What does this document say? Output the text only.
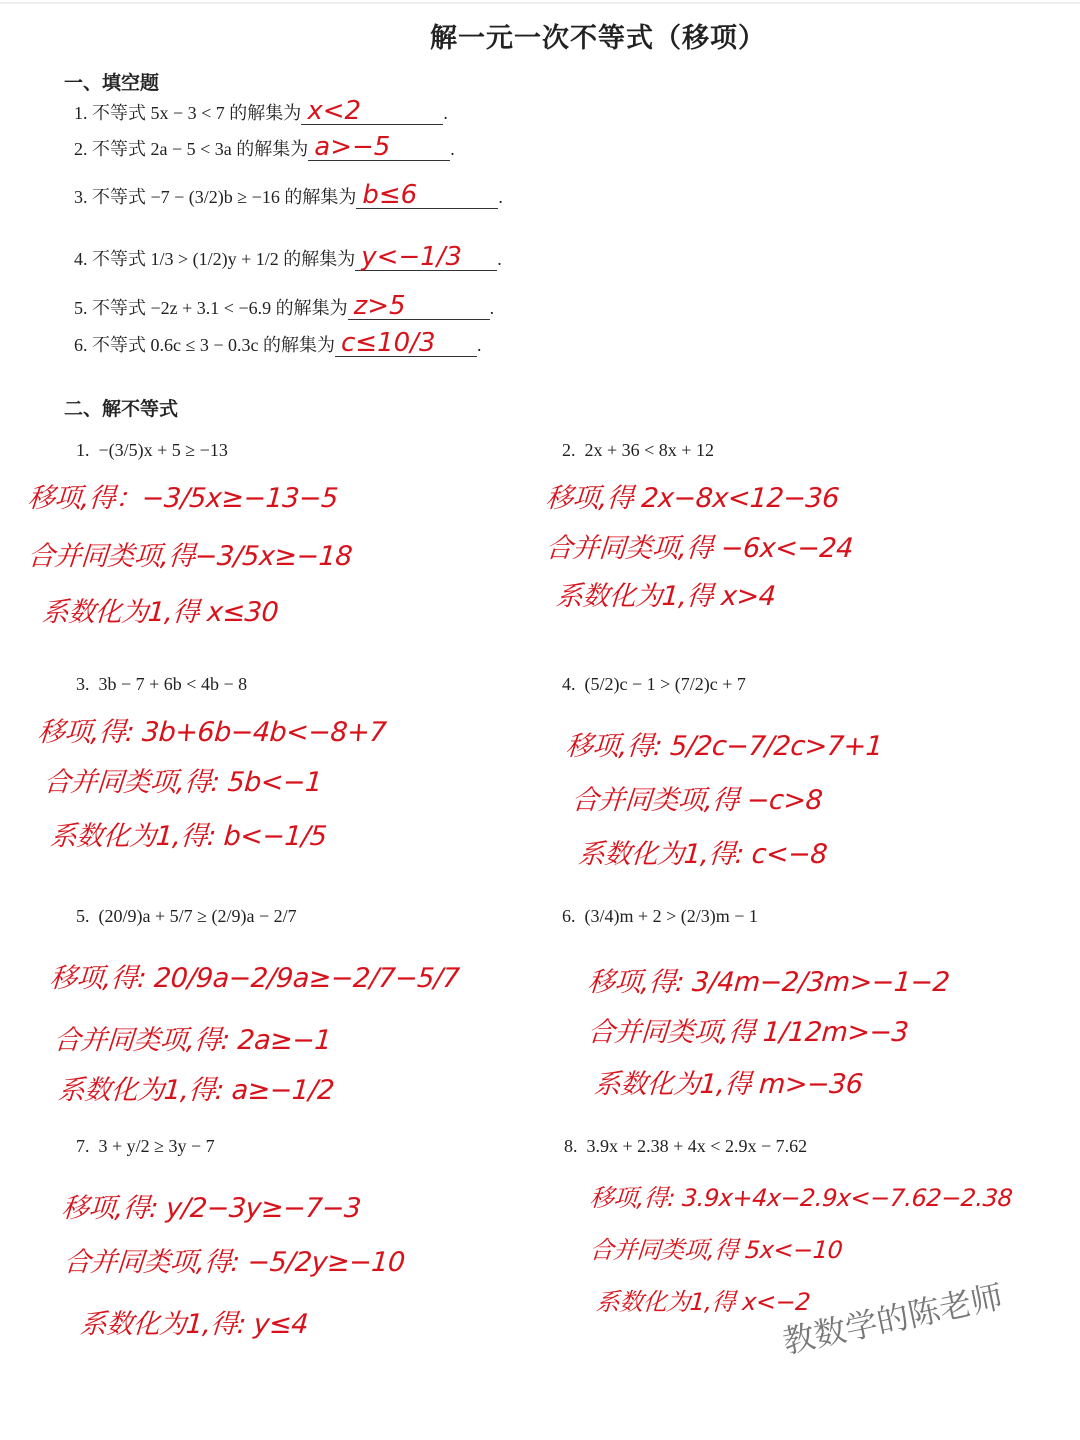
解一元一次不等式（移项）
一、填空题
1. 不等式 5x − 3 < 7 的解集为 x<2	.
2. 不等式 2a − 5 < 3a 的解集为 a>−5	.
3. 不等式 −7 − (3/2)b ≥ −16 的解集为 b≤6	.
4. 不等式 1/3 > (1/2)y + 1/2 的解集为 y<−1/3 .
5. 不等式 −2z + 3.1 < −6.9 的解集为 z>5	.
6. 不等式 0.6c ≤ 3 − 0.3c 的解集为 c≤10/3 .
二、解不等式
1. −(3/5)x + 5 ≥ −13
移项,得：−3/5x≥−13−5
合并同类项,得−3/5x≥−18
系数化为1,得 x≤30
2. 2x + 36 < 8x + 12
移项,得 2x−8x<12−36
合并同类项,得 −6x<−24
系数化为1,得 x>4
3. 3b − 7 + 6b < 4b − 8
移项,得: 3b+6b−4b<−8+7
合并同类项,得: 5b<−1
系数化为1,得: b<−1/5
4. (5/2)c − 1 > (7/2)c + 7
移项,得: 5/2c−7/2c>7+1
合并同类项,得 −c>8
系数化为1,得: c<−8
5. (20/9)a + 5/7 ≥ (2/9)a − 2/7
移项,得: 20/9a−2/9a≥−2/7−5/7
合并同类项,得: 2a≥−1
系数化为1,得: a≥−1/2
6. (3/4)m + 2 > (2/3)m − 1
移项,得: 3/4m−2/3m>−1−2
合并同类项,得 1/12m>−3
系数化为1,得 m>−36
7. 3 + y/2 ≥ 3y − 7
移项,得: y/2−3y≥−7−3
合并同类项,得: −5/2y≥−10
系数化为1,得: y≤4
8. 3.9x + 2.38 + 4x < 2.9x − 7.62
移项,得: 3.9x+4x−2.9x<−7.62−2.38
合并同类项,得 5x<−10
系数化为1,得 x<−2
教数学的陈老师
